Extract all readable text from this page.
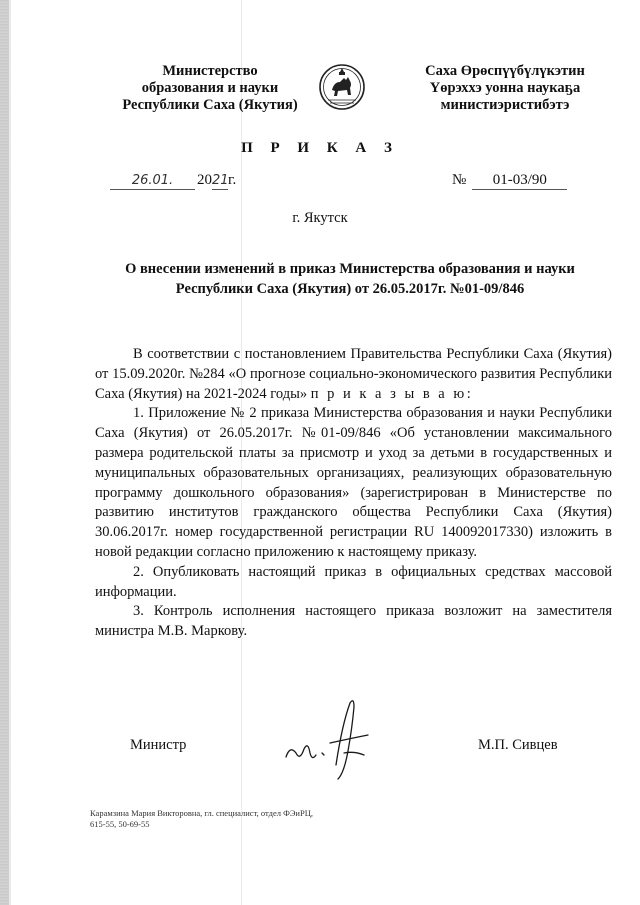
Министерство
образования и науки
Республики Саха (Якутия)
Саха Өрөспүүбүлүкэтин
Үөрэххэ уонна наукаҕа
министиэристибэтэ
П Р И К А З
26.01. 2021г.	№ 01-03/90
г. Якутск
О внесении изменений в приказ Министерства образования и науки
Республики Саха (Якутия) от 26.05.2017г. №01-09/846

В соответствии с постановлением Правительства Республики Саха (Якутия) от 15.09.2020г. №284 «О прогнозе социально-экономического развития Республики Саха (Якутия) на 2021-2024 годы» п р и к а з ы в а ю:

1. Приложение № 2 приказа Министерства образования и науки Республики Саха (Якутия) от 26.05.2017г. №01-09/846 «Об установлении максимального размера родительской платы за присмотр и уход за детьми в государственных и муниципальных образовательных организациях, реализующих образовательную программу дошкольного образования» (зарегистрирован в Министерстве по развитию институтов гражданского общества Республики Саха (Якутия) 30.06.2017г. номер государственной регистрации RU 140092017330) изложить в новой редакции согласно приложению к настоящему приказу.

2. Опубликовать настоящий приказ в официальных средствах массовой информации.

3. Контроль исполнения настоящего приказа возложит на заместителя министра М.В. Маркову.

Министр	М.П. Сивцев
Карамзина Мария Викторовна, гл. специалист, отдел ФЭиРЦ,
615-55, 50-69-55
